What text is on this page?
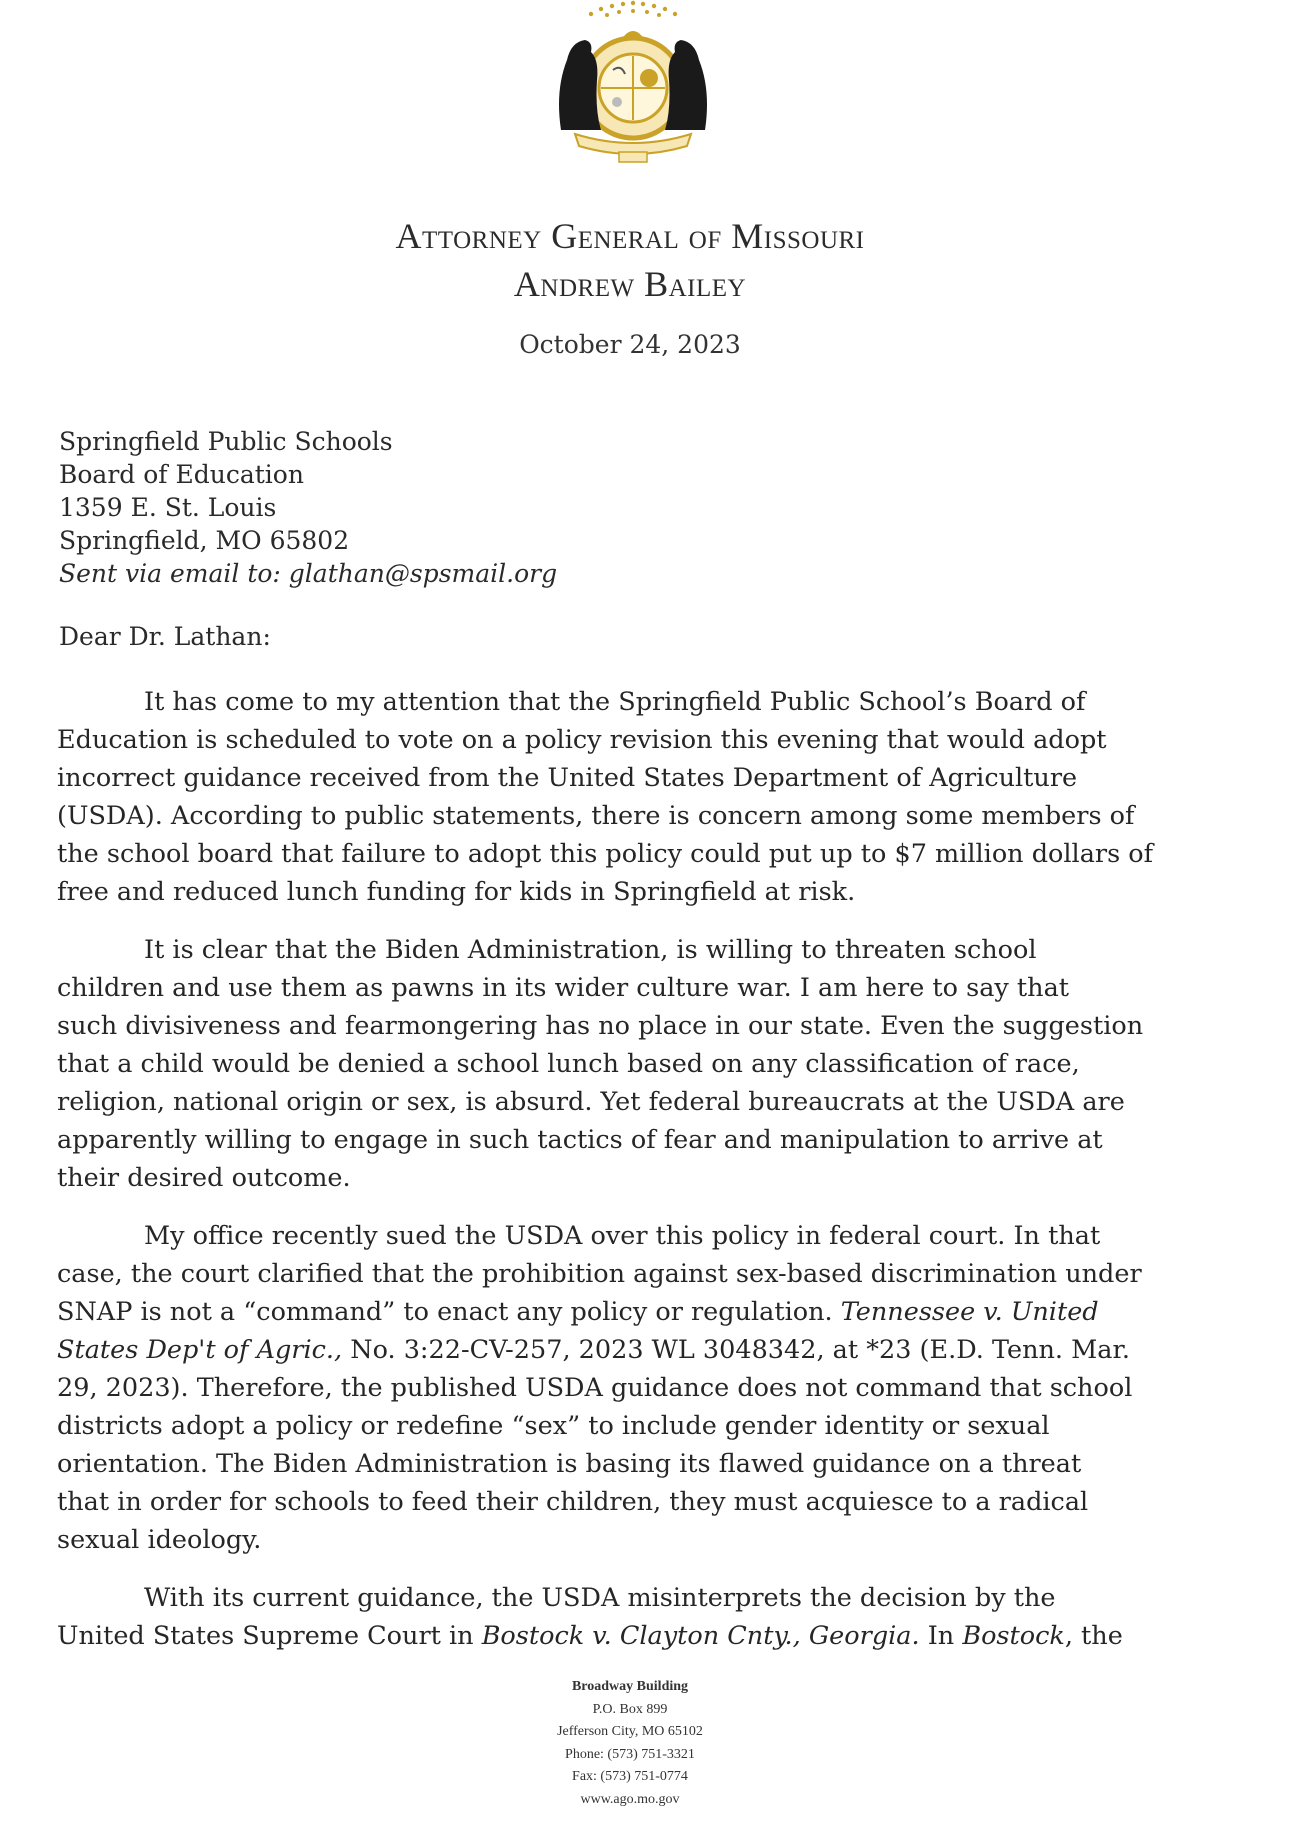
Attorney General of Missouri
Andrew Bailey
October 24, 2023
Springfield Public Schools
Board of Education
1359 E. St. Louis
Springfield, MO 65802
Sent via email to: glathan@spsmail.org
Dear Dr. Lathan:
It has come to my attention that the Springfield Public School’s Board of
Education is scheduled to vote on a policy revision this evening that would adopt
incorrect guidance received from the United States Department of Agriculture
(USDA). According to public statements, there is concern among some members of
the school board that failure to adopt this policy could put up to $7 million dollars of
free and reduced lunch funding for kids in Springfield at risk.
It is clear that the Biden Administration, is willing to threaten school
children and use them as pawns in its wider culture war. I am here to say that
such divisiveness and fearmongering has no place in our state. Even the suggestion
that a child would be denied a school lunch based on any classification of race,
religion, national origin or sex, is absurd. Yet federal bureaucrats at the USDA are
apparently willing to engage in such tactics of fear and manipulation to arrive at
their desired outcome.
My office recently sued the USDA over this policy in federal court. In that
case, the court clarified that the prohibition against sex-based discrimination under
SNAP is not a “command” to enact any policy or regulation. Tennessee v. United
States Dep't of Agric., No. 3:22-CV-257, 2023 WL 3048342, at *23 (E.D. Tenn. Mar.
29, 2023). Therefore, the published USDA guidance does not command that school
districts adopt a policy or redefine “sex” to include gender identity or sexual
orientation. The Biden Administration is basing its flawed guidance on a threat
that in order for schools to feed their children, they must acquiesce to a radical
sexual ideology.
With its current guidance, the USDA misinterprets the decision by the
United States Supreme Court in Bostock v. Clayton Cnty., Georgia. In Bostock, the
Broadway Building
P.O. Box 899
Jefferson City, MO 65102
Phone: (573) 751-3321
Fax: (573) 751-0774
www.ago.mo.gov
